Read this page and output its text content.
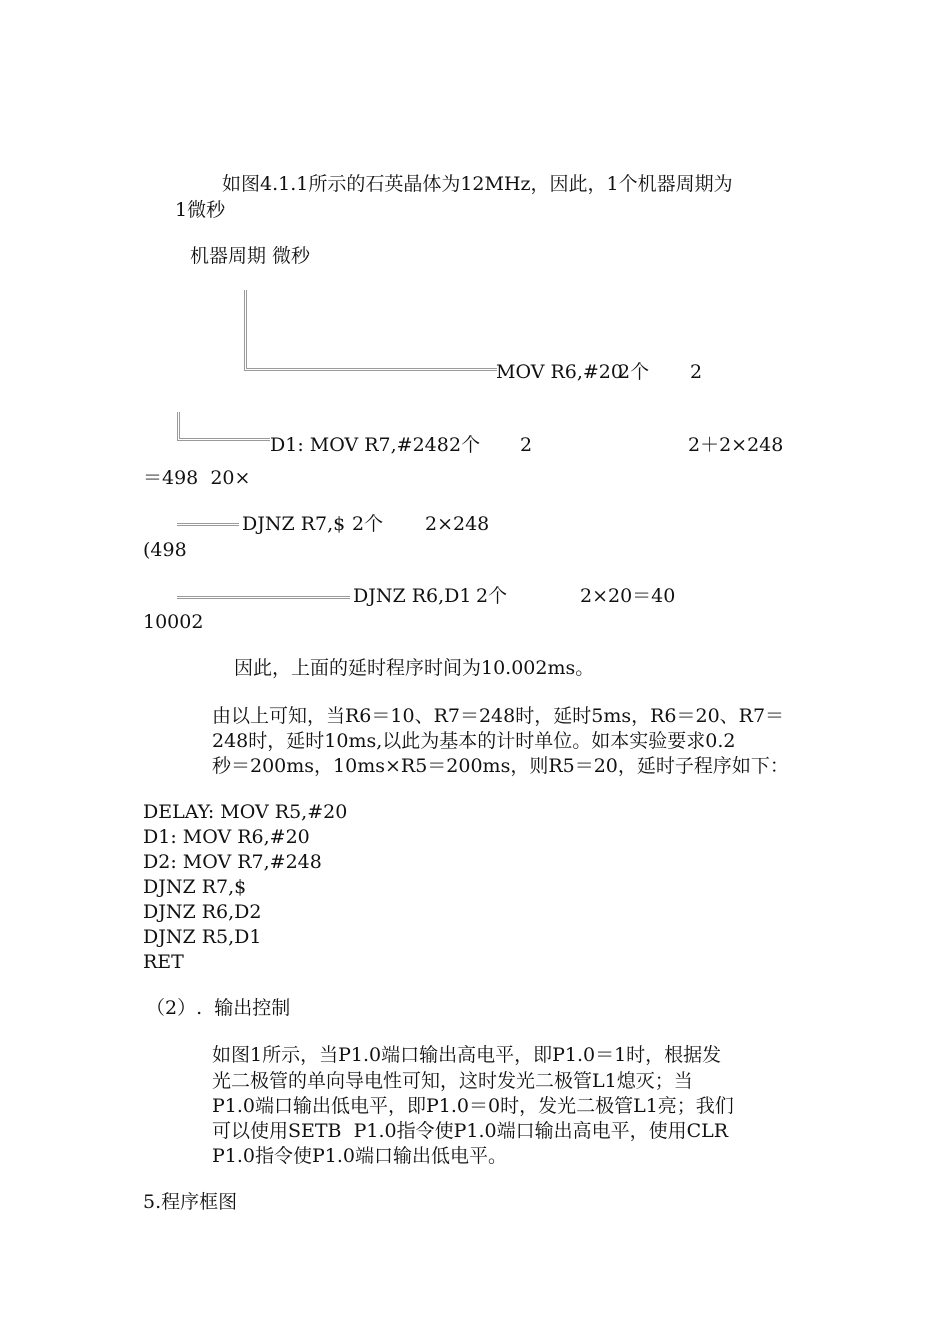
如图4.1.1所示的石英晶体为12MHz，因此，1个机器周期为
1微秒
机器周期 微秒
MOV R6,#20
2个 2
D1: MOV R7,#248 2个 2	2＋2×248
＝498  20×
DJNZ R7,$ 2个 2×248
(498
DJNZ R6,D1 2个	2×20＝40
10002
因此，上面的延时程序时间为10.002ms。
由以上可知，当R6＝10、R7＝248时，延时5ms，R6＝20、R7＝
248时，延时10ms,以此为基本的计时单位。如本实验要求0.2
秒＝200ms，10ms×R5＝200ms，则R5＝20，延时子程序如下：
DELAY: MOV R5,#20
D1: MOV R6,#20
D2: MOV R7,#248
DJNZ R7,$
DJNZ R6,D2
DJNZ R5,D1
RET
（2）.  输出控制
如图1所示，当P1.0端口输出高电平，即P1.0＝1时，根据发
光二极管的单向导电性可知，这时发光二极管L1熄灭；当
P1.0端口输出低电平，即P1.0＝0时，发光二极管L1亮；我们
可以使用SETB  P1.0指令使P1.0端口输出高电平，使用CLR
P1.0指令使P1.0端口输出低电平。
5.程序框图
